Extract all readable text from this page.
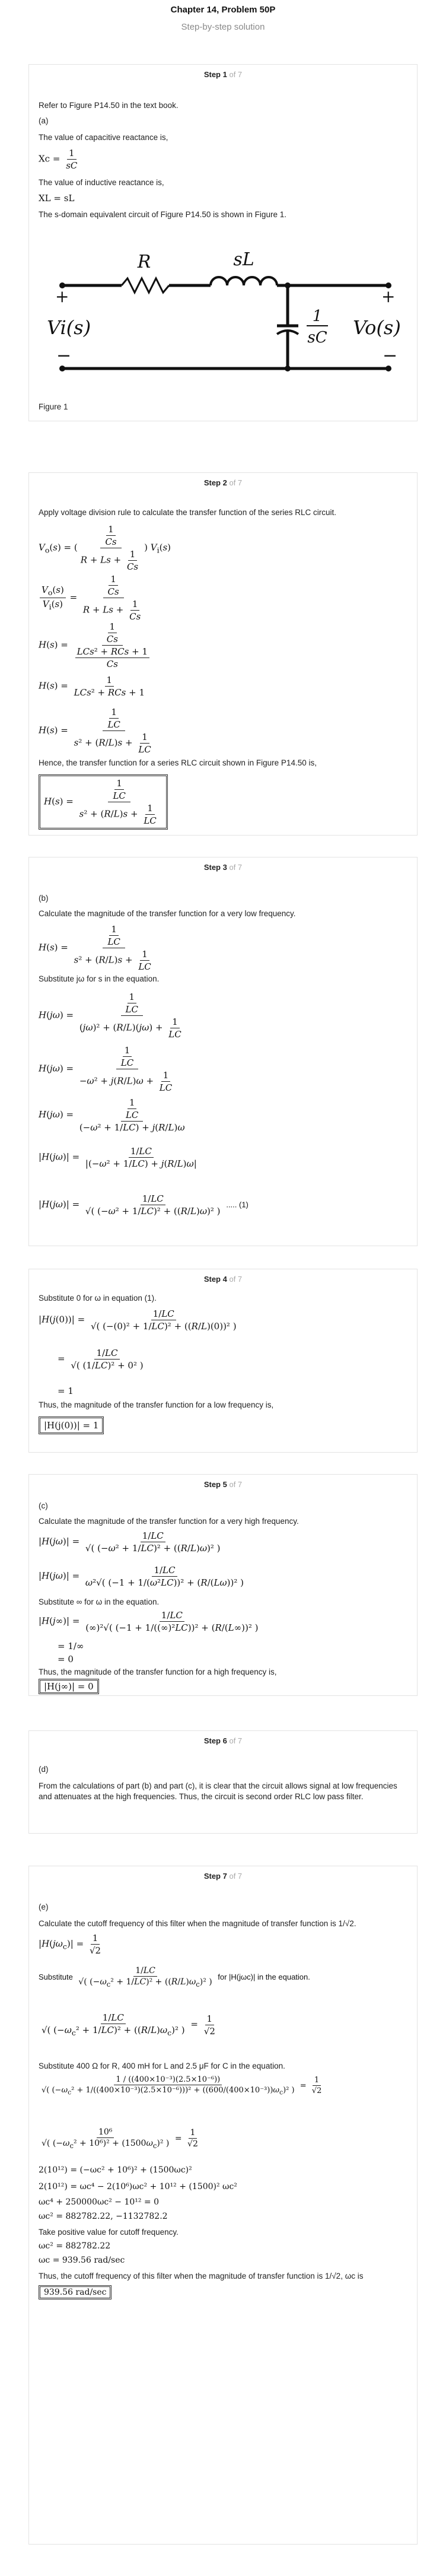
Chapter 14, Problem 50P
Step-by-step solution
Step 1 of 7

Refer to Figure P14.50 in the text book.

(a)

The value of capacitive reactance is,

$Xc = \frac{1}{sC}$

The value of inductive reactance is,

XL = sL

The s-domain equivalent circuit of Figure P14.50 is shown in Figure 1.

R	sL
1
sC
Vi(s)	Vo(s)
+	+
−	−

Figure 1

Step 2 of 7

Apply voltage division rule to calculate the transfer function of the series RLC circuit.

$V_o(s)$ = ( $\frac{\frac{1}{Cs}}{R + Ls + \frac{1}{Cs}}$ ) $V_i(s)$
$\frac{V_o(s)}{V_i(s)} = \frac{\frac{1}{Cs}}{R + Ls + \frac{1}{Cs}}$
H(s) =
$\frac{1}{Cs}$
LCs² + RCs + 1
Cs
H(s) =
1
LCs² + RCs + 1
$H(s) = \frac{\frac{1}{LC}}{s^2 + (R/L)s + \frac{1}{LC}}$

Hence, the transfer function for a series RLC circuit shown in Figure P14.50 is,

$H(s) = \frac{\frac{1}{LC}}{s^2 + (R/L)s + \frac{1}{LC}}$
Step 3 of 7

(b)

Calculate the magnitude of the transfer function for a very low frequency.

$H(s) = \frac{\frac{1}{LC}}{s^2 + (R/L)s + \frac{1}{LC}}$

Substitute jω for s in the equation.

$H(j\omega) = \frac{\frac{1}{LC}}{(j\omega)^2 + (R/L)(j\omega) + \frac{1}{LC}}$
$H(j\omega) = \frac{\frac{1}{LC}}{-\omega^2 + j(R/L)\omega + \frac{1}{LC}}$
$H(j\omega) = \frac{\frac{1}{LC}}{\text{(−ω² + 1/LC) + j(R/L)ω}}$
$|H(j\omega)| = \frac{1/LC}{\text{|(−ω² + 1/LC) + j(R/L)ω|}}$
$|H(j\omega)| = \frac{1/LC}{\text{√( (−ω² + 1/LC)² + ((R/L)ω)² )}}$ ..... (1)
Step 4 of 7

Substitute 0 for ω in equation (1).

$|H(j(0))| = \frac{1/LC}{\text{√( (−(0)² + 1/LC)² + ((R/L)(0))² )}}$
= $\frac{1/LC}{\text{√( (1/LC)² + 0² )}}$
= 1

Thus, the magnitude of the transfer function for a low frequency is,

|H(j(0))| = 1
Step 5 of 7

(c)

Calculate the magnitude of the transfer function for a very high frequency.

$|H(j\omega)| = \frac{1/LC}{\text{√( (−ω² + 1/LC)² + ((R/L)ω)² )}}$
$|H(j\omega)| = \frac{1/LC}{\text{ω²√( (−1 + 1/(ω²LC))² + (R/(Lω))² )}}$

Substitute ∞ for ω in the equation.

$|H(j\infty)| = \frac{1/LC}{\text{(∞)²√( (−1 + 1/((∞)²LC))² + (R/(L∞))² )}}$
= 1/∞
= 0

Thus, the magnitude of the transfer function for a high frequency is,

|H(j∞)| = 0
Step 6 of 7

(d)

From the calculations of part (b) and part (c), it is clear that the circuit allows signal at low frequencies and attenuates at the high frequencies. Thus, the circuit is second order RLC low pass filter.

Step 7 of 7

(e)

Calculate the cutoff frequency of this filter when the magnitude of transfer function is 1/√2.

$|H(j\omega_c)| = \frac{1}{√2}$
Substitute $\frac{1/LC}{√( (-\omega_c^2 + 1/LC)^2 + ((R/L)\omega_c)^2 )}$ for |H(jωc)| in the equation.
$\frac{1/LC}{√( (-\omega_c^2 + 1/LC)^2 + ((R/L)\omega_c)^2 )} = \frac{1}{√2}$

Substitute 400 Ω for R, 400 mH for L and 2.5 μF for C in the equation.

1 / ((400×10⁻³)(2.5×10⁻⁶))
√( $(-\omega_c^2 + 1/((400\times 10^{-3})(2.5\times 10^{-6})))^2 + ((600/(400\times 10^{-3}))\omega_c)^2$ )
= $\frac{1}{√2}$
$\frac{\text{10⁶}}{√( (-\omega_c^2 + 10^6)^2 + (1500\omega_c)^2 )} = \frac{1}{√2}$
2(10¹²) = (−ωc² + 10⁶)² + (1500ωc)²
2(10¹²) = ωc⁴ − 2(10⁶)ωc² + 10¹² + (1500)² ωc²
ωc⁴ + 250000ωc² − 10¹² = 0
ωc² = 882782.22, −1132782.2

Take positive value for cutoff frequency.

ωc² = 882782.22
ωc = 939.56 rad/sec

Thus, the cutoff frequency of this filter when the magnitude of transfer function is 1/√2, ωc is

939.56 rad/sec
